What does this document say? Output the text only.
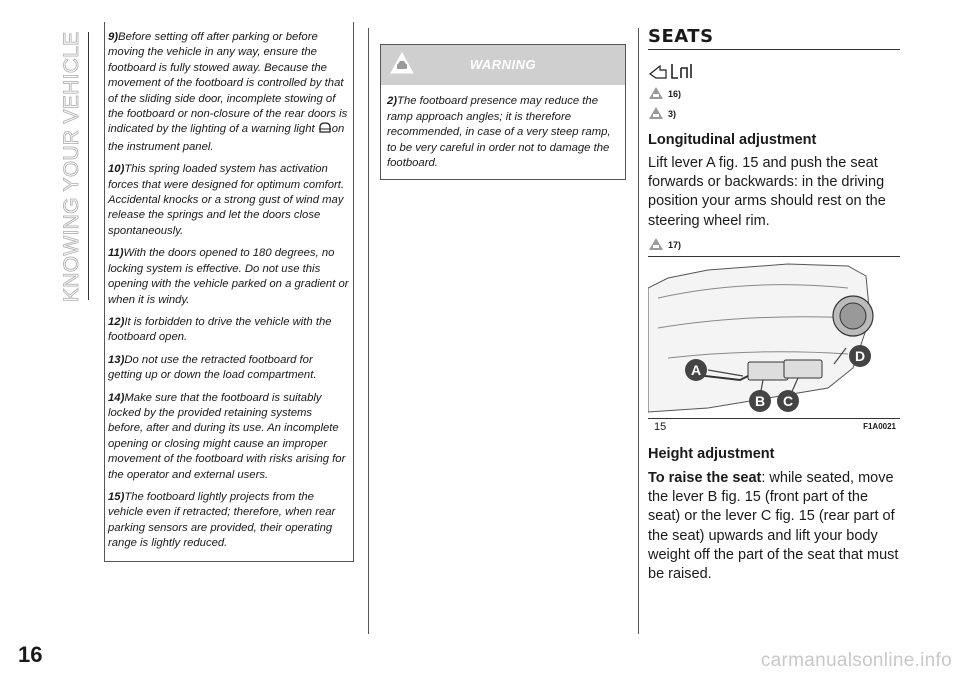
KNOWING YOUR VEHICLE 9)Before setting off after parking or before moving the vehicle in any way, ensure the footboard is fully stowed away. Because the movement of the footboard is controlled by that of the sliding side door, incomplete stowing of the footboard or non-closure of the rear doors is indicated by the lighting of a warning light on the instrument panel.

10)This spring loaded system has activation forces that were designed for optimum comfort. Accidental knocks or a strong gust of wind may release the springs and let the doors close spontaneously.

11)With the doors opened to 180 degrees, no locking system is effective. Do not use this opening with the vehicle parked on a gradient or when it is windy.

12)It is forbidden to drive the vehicle with the footboard open.

13)Do not use the retracted footboard for getting up or down the load compartment.

14)Make sure that the footboard is suitably locked by the provided retaining systems before, after and during its use. An incomplete opening or closing might cause an improper movement of the footboard with risks arising for the operator and external users.

15)The footboard lightly projects from the vehicle even if retracted; therefore, when rear parking sensors are provided, their operating range is lightly reduced.

WARNING
2)The footboard presence may reduce the ramp approach angles; it is therefore recommended, in case of a very steep ramp, to be very careful in order not to damage the footboard.
SEATS
16)
3)

Longitudinal adjustment

Lift lever A fig. 15 and push the seat forwards or backwards: in the driving position your arms should rest on the steering wheel rim.

17)
A
B C
D
15	F1A0021

Height adjustment

To raise the seat: while seated, move the lever B fig. 15 (front part of the seat) or the lever C fig. 15 (rear part of the seat) upwards and lift your body weight off the part of the seat that must be raised.

16	carmanualsonline.info
